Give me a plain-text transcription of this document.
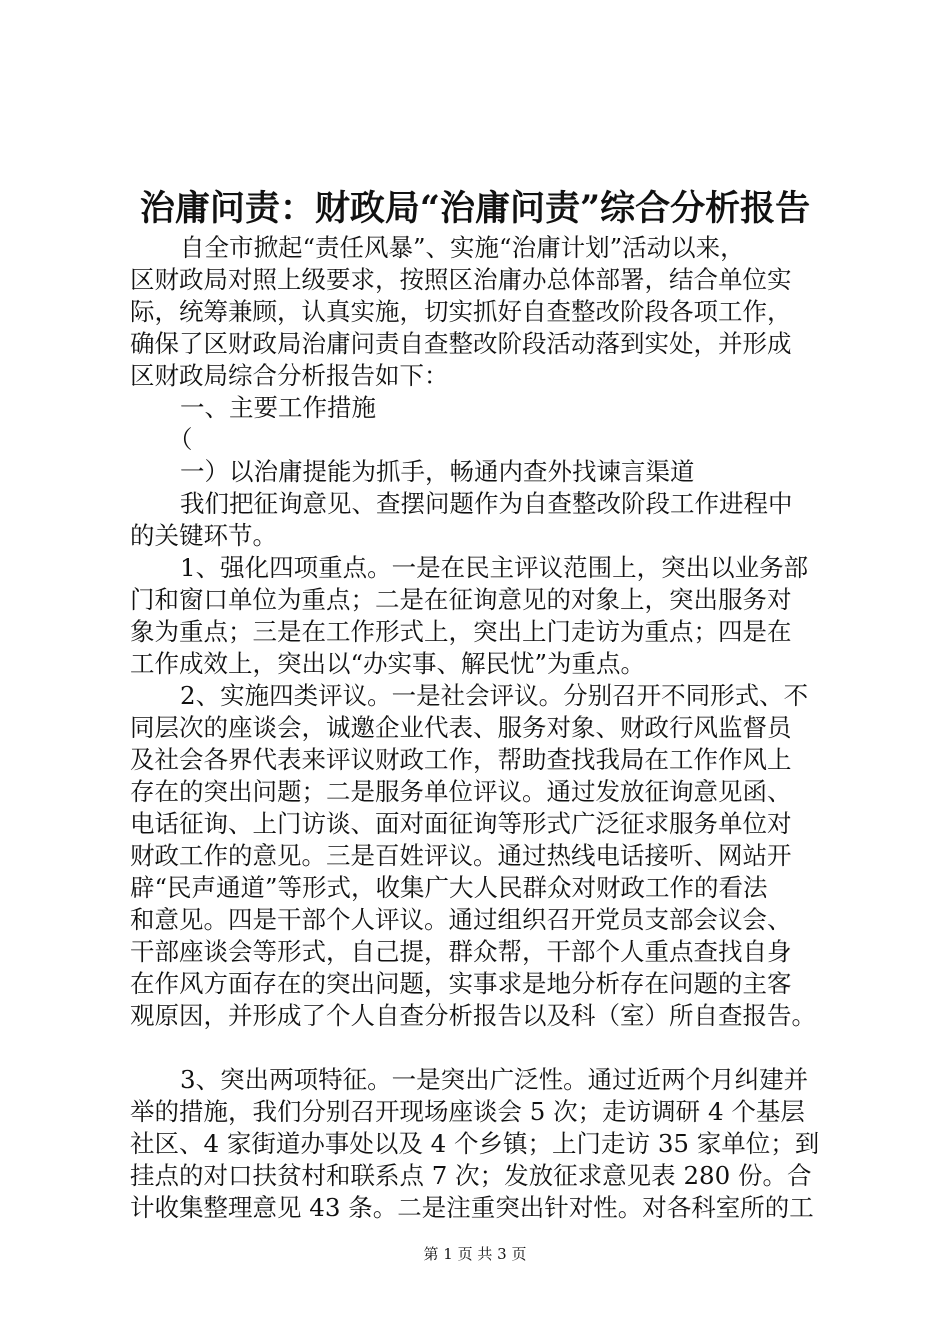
治庸问责：财政局“治庸问责”综合分析报告

自全市掀起“责任风暴”、实施“治庸计划”活动以来，

区财政局对照上级要求，按照区治庸办总体部署，结合单位实

际，统筹兼顾，认真实施，切实抓好自查整改阶段各项工作，

确保了区财政局治庸问责自查整改阶段活动落到实处，并形成

区财政局综合分析报告如下：

一、主要工作措施

（

一）以治庸提能为抓手，畅通内查外找谏言渠道

我们把征询意见、查摆问题作为自查整改阶段工作进程中

的关键环节。

1、强化四项重点。一是在民主评议范围上，突出以业务部

门和窗口单位为重点；二是在征询意见的对象上，突出服务对

象为重点；三是在工作形式上，突出上门走访为重点；四是在

工作成效上，突出以“办实事、解民忧”为重点。

2、实施四类评议。一是社会评议。分别召开不同形式、不

同层次的座谈会，诚邀企业代表、服务对象、财政行风监督员

及社会各界代表来评议财政工作，帮助查找我局在工作作风上

存在的突出问题；二是服务单位评议。通过发放征询意见函、

电话征询、上门访谈、面对面征询等形式广泛征求服务单位对

财政工作的意见。三是百姓评议。通过热线电话接听、网站开

辟“民声通道”等形式，收集广大人民群众对财政工作的看法

和意见。四是干部个人评议。通过组织召开党员支部会议会、

干部座谈会等形式，自己提，群众帮，干部个人重点查找自身

在作风方面存在的突出问题，实事求是地分析存在问题的主客

观原因，并形成了个人自查分析报告以及科（室）所自查报告。

3、突出两项特征。一是突出广泛性。通过近两个月纠建并

举的措施，我们分别召开现场座谈会 5 次；走访调研 4 个基层

社区、4 家街道办事处以及 4 个乡镇；上门走访 35 家单位；到

挂点的对口扶贫村和联系点 7 次；发放征求意见表 280 份。合

计收集整理意见 43 条。二是注重突出针对性。对各科室所的工

第 1 页 共 3 页
